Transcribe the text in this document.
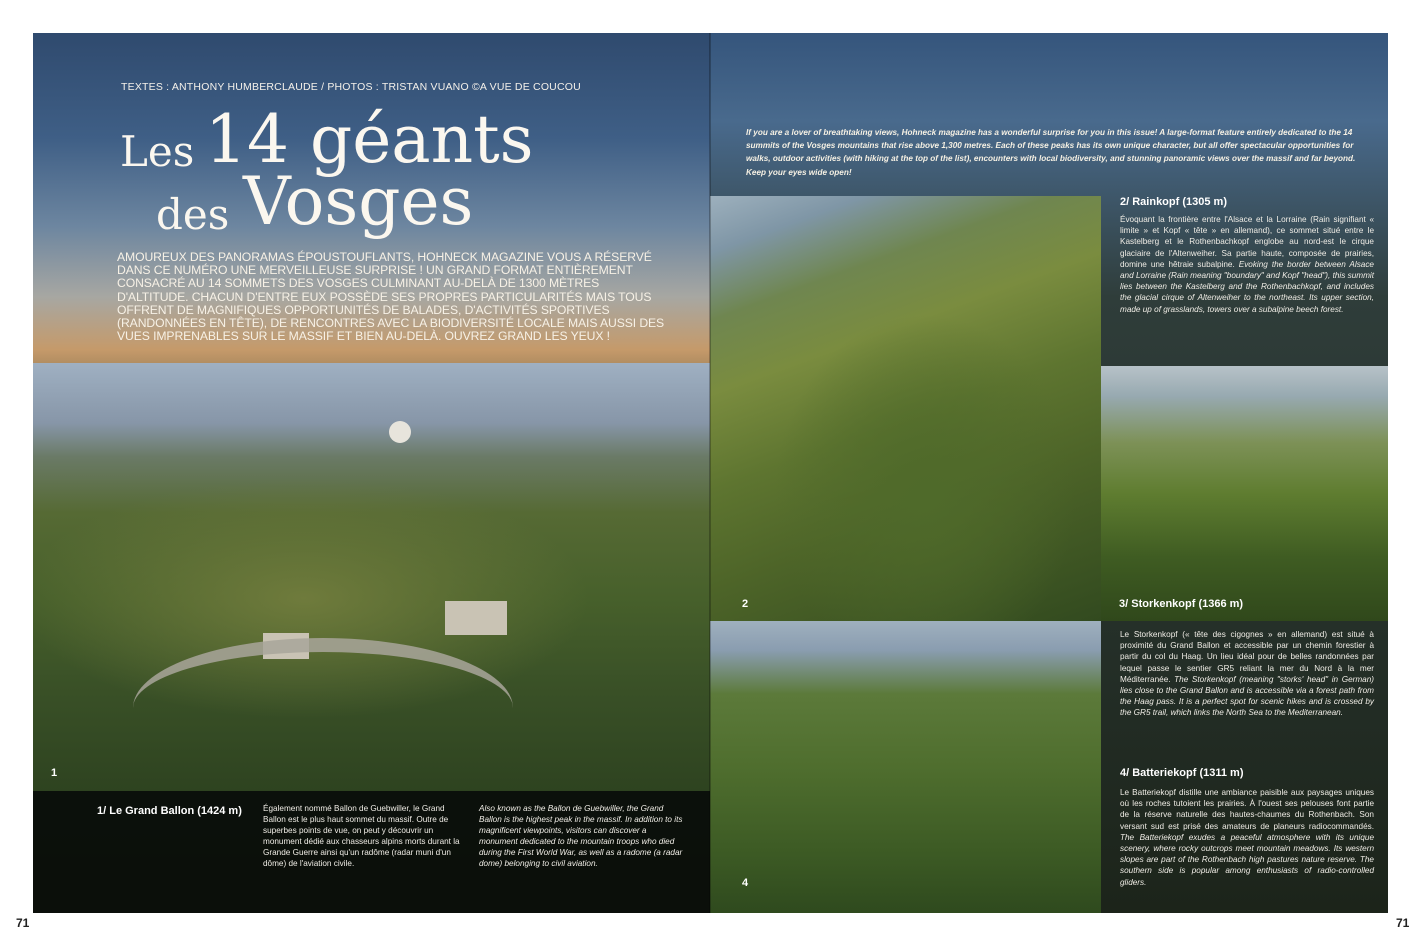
TEXTES : ANTHONY HUMBERCLAUDE / PHOTOS : TRISTAN VUANO ©A VUE DE COUCOU
Les 14 géants
des Vosges
AMOUREUX DES PANORAMAS ÉPOUSTOUFLANTS, HOHNECK MAGAZINE VOUS A RÉSERVÉ DANS CE NUMÉRO UNE MERVEILLEUSE SURPRISE ! UN GRAND FORMAT ENTIÈREMENT CONSACRÉ AU 14 SOMMETS DES VOSGES CULMINANT AU-DELÀ DE 1300 MÈTRES D'ALTITUDE. CHACUN D'ENTRE EUX POSSÈDE SES PROPRES PARTICULARITÉS MAIS TOUS OFFRENT DE MAGNIFIQUES OPPORTUNITÉS DE BALADES, D'ACTIVITÉS SPORTIVES (RANDONNÉES EN TÊTE), DE RENCONTRES AVEC LA BIODIVERSITÉ LOCALE MAIS AUSSI DES VUES IMPRENABLES SUR LE MASSIF ET BIEN AU-DELÀ. OUVREZ GRAND LES YEUX !
1
2	3/ Storkenkopf (1366 m)
4
1/ Le Grand Ballon (1424 m)	Également nommé Ballon de Guebwiller, le Grand Ballon est le plus haut sommet du massif. Outre de superbes points de vue, on peut y découvrir un monument dédié aux chasseurs alpins morts durant la Grande Guerre ainsi qu'un radôme (radar muni d'un dôme) de l'aviation civile.
Also known as the Ballon de Guebwiller, the Grand Ballon is the highest peak in the massif. In addition to its magnificent viewpoints, visitors can discover a monument dedicated to the mountain troops who died during the First World War, as well as a radome (a radar dome) belonging to civil aviation.
If you are a lover of breathtaking views, Hohneck magazine has a wonderful surprise for you in this issue! A large-format feature entirely dedicated to the 14 summits of the Vosges mountains that rise above 1,300 metres. Each of these peaks has its own unique character, but all offer spectacular opportunities for walks, outdoor activities (with hiking at the top of the list), encounters with local biodiversity, and stunning panoramic views over the massif and far beyond. Keep your eyes wide open!
2/ Rainkopf (1305 m)
Évoquant la frontière entre l'Alsace et la Lorraine (Rain signifiant « limite » et Kopf « tête » en allemand), ce sommet situé entre le Kastelberg et le Rothenbachkopf englobe au nord-est le cirque glaciaire de l'Altenweiher. Sa partie haute, composée de prairies, domine une hêtraie subalpine. Evoking the border between Alsace and Lorraine (Rain meaning "boundary" and Kopf "head"), this summit lies between the Kastelberg and the Rothenbachkopf, and includes the glacial cirque of Altenweiher to the northeast. Its upper section, made up of grasslands, towers over a subalpine beech forest.
Le Storkenkopf (« tête des cigognes » en allemand) est situé à proximité du Grand Ballon et accessible par un chemin forestier à partir du col du Haag. Un lieu idéal pour de belles randonnées par lequel passe le sentier GR5 reliant la mer du Nord à la mer Méditerranée. The Storkenkopf (meaning "storks' head" in German) lies close to the Grand Ballon and is accessible via a forest path from the Haag pass. It is a perfect spot for scenic hikes and is crossed by the GR5 trail, which links the North Sea to the Mediterranean.
4/ Batteriekopf (1311 m)
Le Batteriekopf distille une ambiance paisible aux paysages uniques où les roches tutoient les prairies. À l'ouest ses pelouses font partie de la réserve naturelle des hautes-chaumes du Rothenbach. Son versant sud est prisé des amateurs de planeurs radiocommandés. The Batteriekopf exudes a peaceful atmosphere with its unique scenery, where rocky outcrops meet mountain meadows. Its western slopes are part of the Rothenbach high pastures nature reserve. The southern side is popular among enthusiasts of radio-controlled gliders.
71	71
